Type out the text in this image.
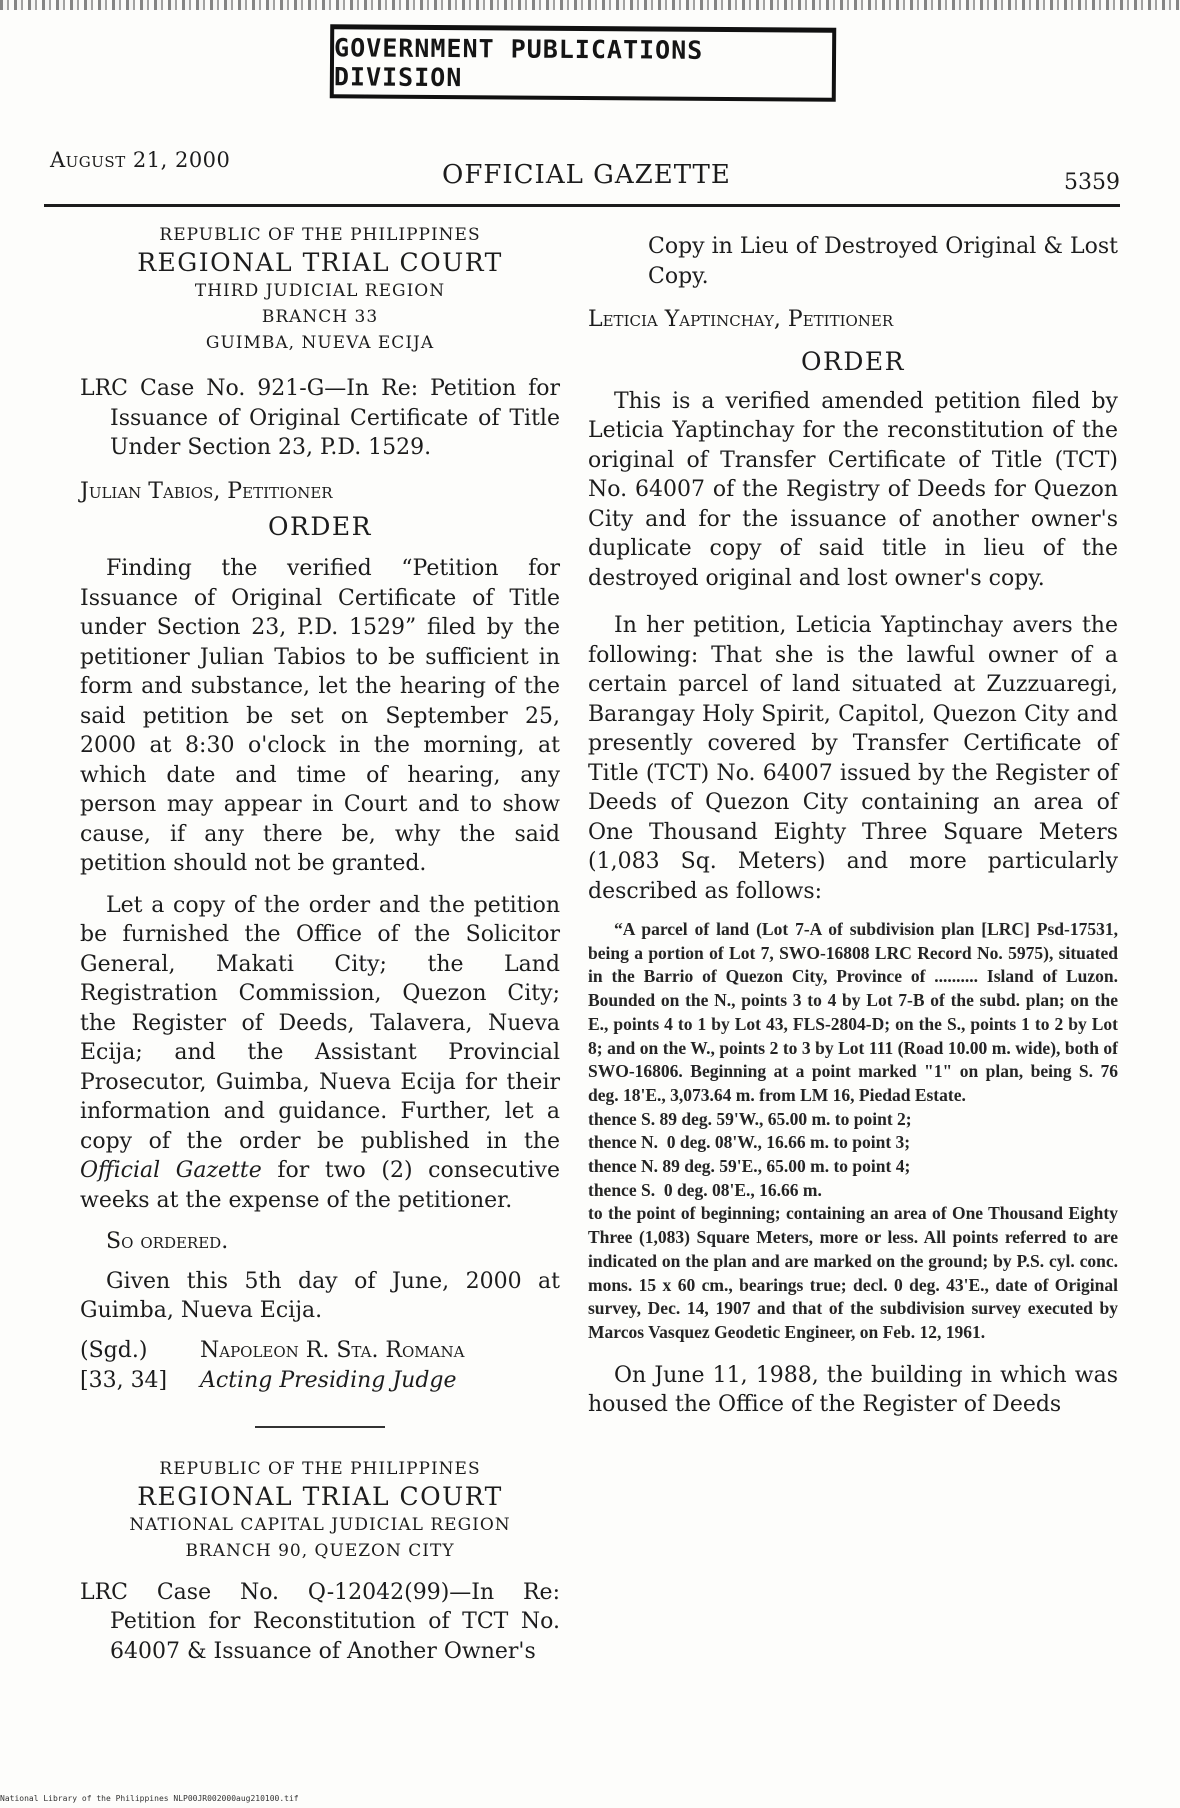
GOVERNMENT PUBLICATIONS DIVISION
August 21, 2000	OFFICIAL GAZETTE	5359
REPUBLIC OF THE PHILIPPINES
REGIONAL TRIAL COURT
THIRD JUDICIAL REGION
BRANCH 33
GUIMBA, NUEVA ECIJA
LRC Case No. 921-G—In Re: Petition for Issuance of Original Certificate of Title Under Section 23, P.D. 1529.
Julian Tabios, Petitioner
ORDER
Finding the verified “Petition for Issuance of Original Certificate of Title under Section 23, P.D. 1529” filed by the petitioner Julian Tabios to be sufficient in form and substance, let the hearing of the said petition be set on September 25, 2000 at 8:30 o'clock in the morning, at which date and time of hearing, any person may appear in Court and to show cause, if any there be, why the said petition should not be granted.
Let a copy of the order and the petition be furnished the Office of the Solicitor General, Makati City; the Land Registration Commission, Quezon City; the Register of Deeds, Talavera, Nueva Ecija; and the Assistant Provincial Prosecutor, Guimba, Nueva Ecija for their information and guidance. Further, let a copy of the order be published in the Official Gazette for two (2) consecutive weeks at the expense of the petitioner.
So ordered.
Given this 5th day of June, 2000 at Guimba, Nueva Ecija.
(Sgd.) Napoleon R. Sta. Romana
[33, 34] Acting Presiding Judge
REPUBLIC OF THE PHILIPPINES
REGIONAL TRIAL COURT
NATIONAL CAPITAL JUDICIAL REGION
BRANCH 90, QUEZON CITY
LRC Case No. Q-12042(99)—In Re: Petition for Reconstitution of TCT No. 64007 & Issuance of Another Owner's
Copy in Lieu of Destroyed Original & Lost Copy.
Leticia Yaptinchay, Petitioner
ORDER
This is a verified amended petition filed by Leticia Yaptinchay for the reconstitution of the original of Transfer Certificate of Title (TCT) No. 64007 of the Registry of Deeds for Quezon City and for the issuance of another owner's duplicate copy of said title in lieu of the destroyed original and lost owner's copy.
In her petition, Leticia Yaptinchay avers the following: That she is the lawful owner of a certain parcel of land situated at Zuzzuaregi, Barangay Holy Spirit, Capitol, Quezon City and presently covered by Transfer Certificate of Title (TCT) No. 64007 issued by the Register of Deeds of Quezon City containing an area of One Thousand Eighty Three Square Meters (1,083 Sq. Meters) and more particularly described as follows:
“A parcel of land (Lot 7-A of subdivision plan [LRC] Psd-17531, being a portion of Lot 7, SWO-16808 LRC Record No. 5975), situated in the Barrio of Quezon City, Province of .......... Island of Luzon. Bounded on the N., points 3 to 4 by Lot 7-B of the subd. plan; on the E., points 4 to 1 by Lot 43, FLS-2804-D; on the S., points 1 to 2 by Lot 8; and on the W., points 2 to 3 by Lot 111 (Road 10.00 m. wide), both of SWO-16806. Beginning at a point marked "1" on plan, being S. 76 deg. 18'E., 3,073.64 m. from LM 16, Piedad Estate.
thence S. 89 deg. 59'W., 65.00 m. to point 2;
thence N.  0 deg. 08'W., 16.66 m. to point 3;
thence N. 89 deg. 59'E., 65.00 m. to point 4;
thence S.  0 deg. 08'E., 16.66 m.
to the point of beginning; containing an area of One Thousand Eighty Three (1,083) Square Meters, more or less. All points referred to are indicated on the plan and are marked on the ground; by P.S. cyl. conc. mons. 15 x 60 cm., bearings true; decl. 0 deg. 43'E., date of Original survey, Dec. 14, 1907 and that of the subdivision survey executed by Marcos Vasquez Geodetic Engineer, on Feb. 12, 1961.
On June 11, 1988, the building in which was housed the Office of the Register of Deeds
National Library of the Philippines NLP00JR002000aug210100.tif
